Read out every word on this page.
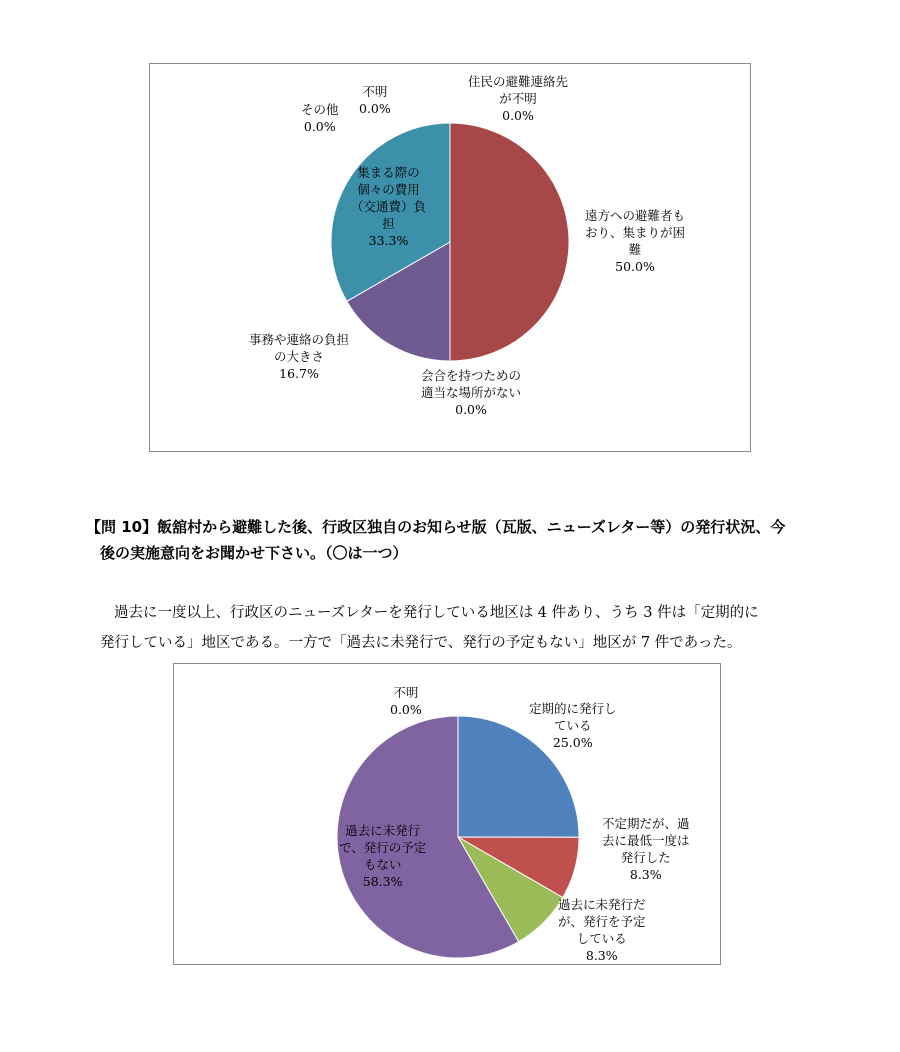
遠方への避難者も
おり、集まりが困
難
50.0%
会合を持つための
適当な場所がない
0.0%
事務や連絡の負担
の大きさ
16.7%
集まる際の
個々の費用
（交通費）負
担
33.3%
その他
0.0%
不明
0.0%
住民の避難連絡先
が不明
0.0%
【問 10】飯舘村から避難した後、行政区独自のお知らせ版（瓦版、ニューズレター等）の発行状況、今
後の実施意向をお聞かせ下さい。（〇は一つ）
過去に一度以上、行政区のニューズレターを発行している地区は 4 件あり、うち 3 件は「定期的に
発行している」地区である。一方で「過去に未発行で、発行の予定もない」地区が 7 件であった。
定期的に発行し
ている
25.0%
不定期だが、過
去に最低一度は
発行した
8.3%
過去に未発行だ
が、発行を予定
している
8.3%
過去に未発行
で、発行の予定
もない
58.3%
不明
0.0%
